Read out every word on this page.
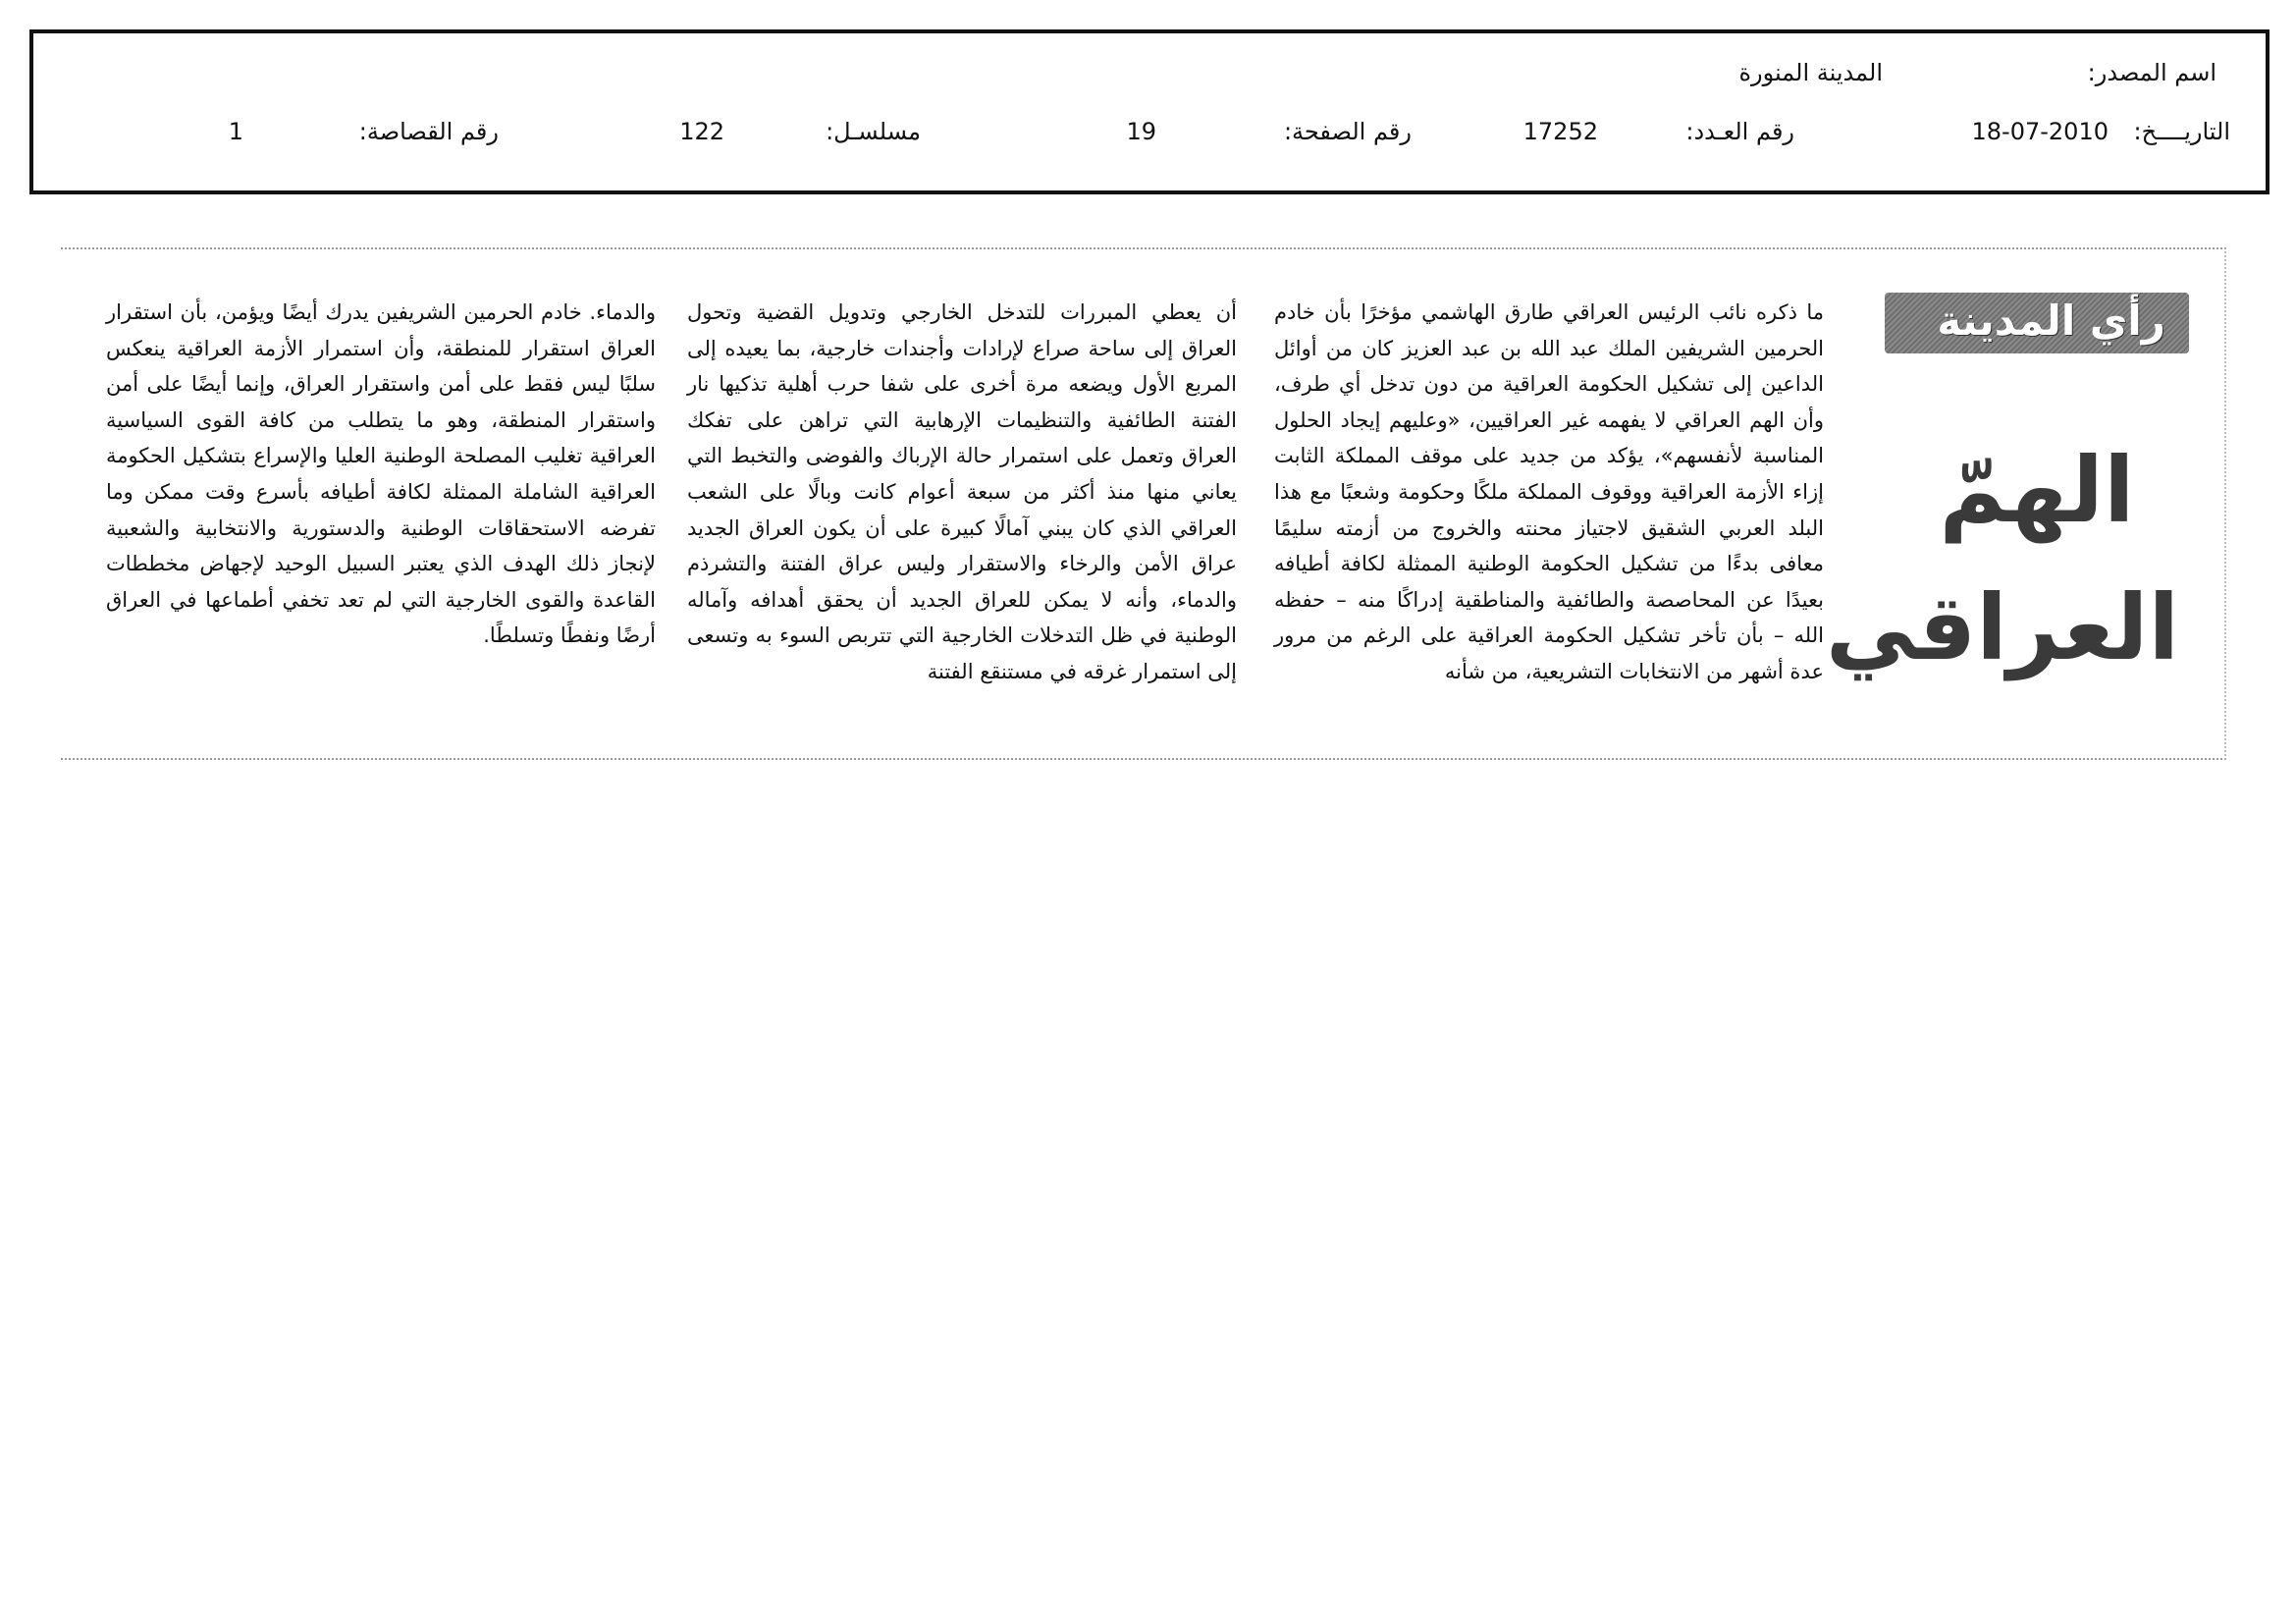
اسم المصدر:
المدينة المنورة
التاريــــخ:
18-07-2010
رقم العـدد:
17252
رقم الصفحة:
19
مسلسـل:
122
رقم القصاصة:
1
رأي المدينة
الهمّ
العراقي

ما ذكره نائب الرئيس العراقي طارق الهاشمي مؤخرًا بأن خادم الحرمين الشريفين الملك عبد الله بن عبد العزيز كان من أوائل الداعين إلى تشكيل الحكومة العراقية من دون تدخل أي طرف، وأن الهم العراقي لا يفهمه غير العراقيين، «وعليهم إيجاد الحلول المناسبة لأنفسهم»، يؤكد من جديد على موقف المملكة الثابت إزاء الأزمة العراقية ووقوف المملكة ملكًا وحكومة وشعبًا مع هذا البلد العربي الشقيق لاجتياز محنته والخروج من أزمته سليمًا معافى بدءًا من تشكيل الحكومة الوطنية الممثلة لكافة أطيافه بعيدًا عن المحاصصة والطائفية والمناطقية إدراكًا منه – حفظه الله – بأن تأخر تشكيل الحكومة العراقية على الرغم من مرور عدة أشهر من الانتخابات التشريعية، من شأنه

أن يعطي المبررات للتدخل الخارجي وتدويل القضية وتحول العراق إلى ساحة صراع لإرادات وأجندات خارجية، بما يعيده إلى المربع الأول ويضعه مرة أخرى على شفا حرب أهلية تذكيها نار الفتنة الطائفية والتنظيمات الإرهابية التي تراهن على تفكك العراق وتعمل على استمرار حالة الإرباك والفوضى والتخبط التي يعاني منها منذ أكثر من سبعة أعوام كانت وبالًا على الشعب العراقي الذي كان يبني آمالًا كبيرة على أن يكون العراق الجديد عراق الأمن والرخاء والاستقرار وليس عراق الفتنة والتشرذم والدماء، وأنه لا يمكن للعراق الجديد أن يحقق أهدافه وآماله الوطنية في ظل التدخلات الخارجية التي تتربص السوء به وتسعى إلى استمرار غرقه في مستنقع الفتنة

والدماء. خادم الحرمين الشريفين يدرك أيضًا ويؤمن، بأن استقرار العراق استقرار للمنطقة، وأن استمرار الأزمة العراقية ينعكس سلبًا ليس فقط على أمن واستقرار العراق، وإنما أيضًا على أمن واستقرار المنطقة، وهو ما يتطلب من كافة القوى السياسية العراقية تغليب المصلحة الوطنية العليا والإسراع بتشكيل الحكومة العراقية الشاملة الممثلة لكافة أطيافه بأسرع وقت ممكن وما تفرضه الاستحقاقات الوطنية والدستورية والانتخابية والشعبية لإنجاز ذلك الهدف الذي يعتبر السبيل الوحيد لإجهاض مخططات القاعدة والقوى الخارجية التي لم تعد تخفي أطماعها في العراق أرضًا ونفطًا وتسلطًا.
